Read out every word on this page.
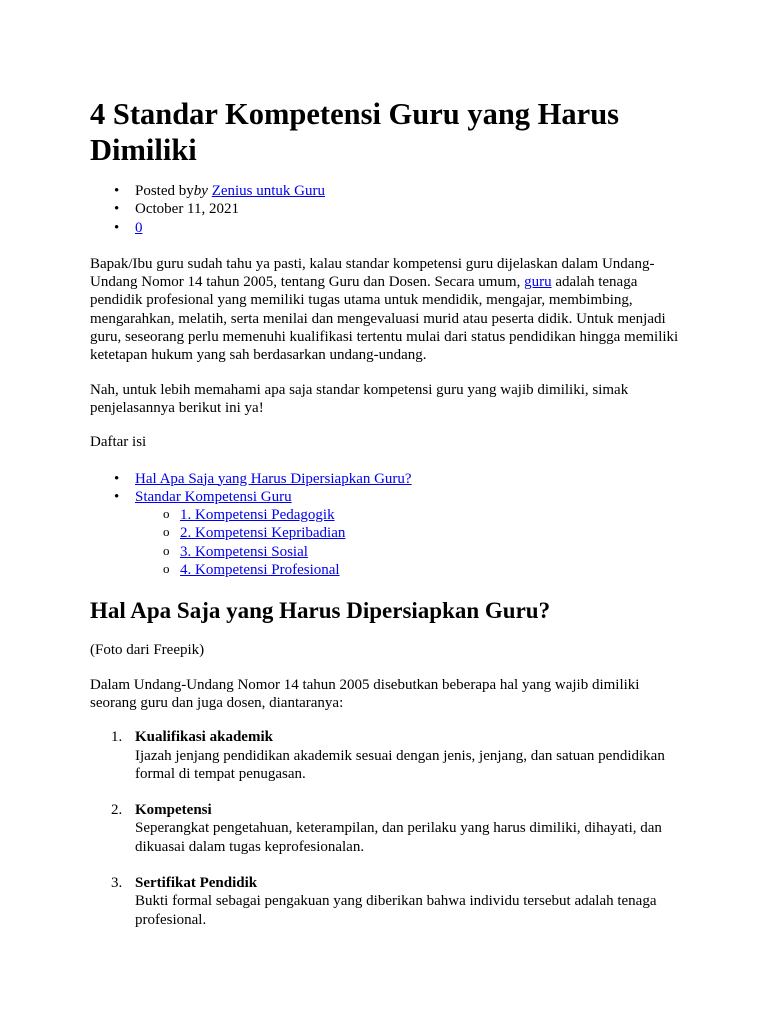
4 Standar Kompetensi Guru yang Harus Dimiliki
• Posted byby Zenius untuk Guru
• October 11, 2021
• 0

Bapak/Ibu guru sudah tahu ya pasti, kalau standar kompetensi guru dijelaskan dalam Undang-Undang Nomor 14 tahun 2005, tentang Guru dan Dosen. Secara umum, guru adalah tenaga pendidik profesional yang memiliki tugas utama untuk mendidik, mengajar, membimbing, mengarahkan, melatih, serta menilai dan mengevaluasi murid atau peserta didik. Untuk menjadi guru, seseorang perlu memenuhi kualifikasi tertentu mulai dari status pendidikan hingga memiliki ketetapan hukum yang sah berdasarkan undang-undang.

Nah, untuk lebih memahami apa saja standar kompetensi guru yang wajib dimiliki, simak penjelasannya berikut ini ya!

Daftar isi

• Hal Apa Saja yang Harus Dipersiapkan Guru?
• Standar Kompetensi Guru
o 1. Kompetensi Pedagogik
o 2. Kompetensi Kepribadian
o 3. Kompetensi Sosial
o 4. Kompetensi Profesional
Hal Apa Saja yang Harus Dipersiapkan Guru?

(Foto dari Freepik)

Dalam Undang-Undang Nomor 14 tahun 2005 disebutkan beberapa hal yang wajib dimiliki seorang guru dan juga dosen, diantaranya:

1. Kualifikasi akademik
Ijazah jenjang pendidikan akademik sesuai dengan jenis, jenjang, dan satuan pendidikan formal di tempat penugasan.
2. Kompetensi
Seperangkat pengetahuan, keterampilan, dan perilaku yang harus dimiliki, dihayati, dan dikuasai dalam tugas keprofesionalan.
3. Sertifikat Pendidik
Bukti formal sebagai pengakuan yang diberikan bahwa individu tersebut adalah tenaga profesional.
